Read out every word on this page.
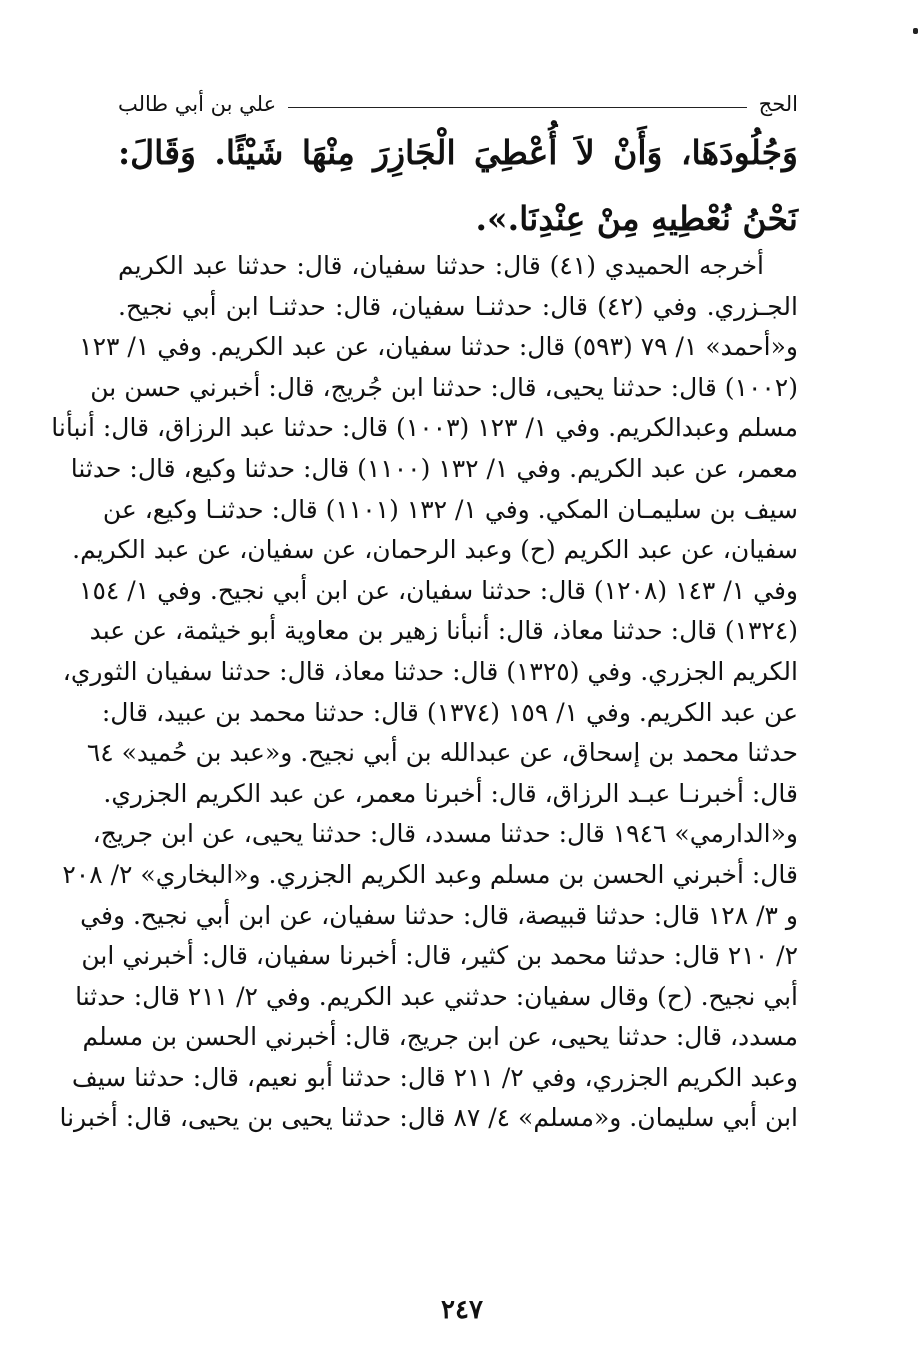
الحج
علي بن أبي طالب
وَجُلُودَهَا، وَأَنْ لاَ أُعْطِيَ الْجَازِرَ مِنْهَا شَيْئًا. وَقَالَ: نَحْنُ نُعْطِيهِ مِنْ عِنْدِنَا.».
أخرجه الحميدي (٤١) قال: حدثنا سفيان، قال: حدثنا عبد الكريم
الجـزري. وفي (٤٢) قال: حدثنـا سفيان، قال: حدثنـا ابن أبي نجيح.
و«أحمد» ١/ ٧٩ (٥٩٣) قال: حدثنا سفيان، عن عبد الكريم. وفي ١/ ١٢٣
(١٠٠٢) قال: حدثنا يحيى، قال: حدثنا ابن جُريج، قال: أخبرني حسن بن
مسلم وعبدالكريم. وفي ١/ ١٢٣ (١٠٠٣) قال: حدثنا عبد الرزاق، قال: أنبأنا
معمر، عن عبد الكريم. وفي ١/ ١٣٢ (١١٠٠) قال: حدثنا وكيع، قال: حدثنا
سيف بن سليمـان المكي. وفي ١/ ١٣٢ (١١٠١) قال: حدثنـا وكيع، عن
سفيان، عن عبد الكريم (ح) وعبد الرحمان، عن سفيان، عن عبد الكريم.
وفي ١/ ١٤٣ (١٢٠٨) قال: حدثنا سفيان، عن ابن أبي نجيح. وفي ١/ ١٥٤
(١٣٢٤) قال: حدثنا معاذ، قال: أنبأنا زهير بن معاوية أبو خيثمة، عن عبد
الكريم الجزري. وفي (١٣٢٥) قال: حدثنا معاذ، قال: حدثنا سفيان الثوري،
عن عبد الكريم. وفي ١/ ١٥٩ (١٣٧٤) قال: حدثنا محمد بن عبيد، قال:
حدثنا محمد بن إسحاق، عن عبدالله بن أبي نجيح. و«عبد بن حُميد» ٦٤
قال: أخبرنـا عبـد الرزاق، قال: أخبرنا معمر، عن عبد الكريم الجزري.
و«الدارمي» ١٩٤٦ قال: حدثنا مسدد، قال: حدثنا يحيى، عن ابن جريج،
قال: أخبرني الحسن بن مسلم وعبد الكريم الجزري. و«البخاري» ٢/ ٢٠٨
و ٣/ ١٢٨ قال: حدثنا قبيصة، قال: حدثنا سفيان، عن ابن أبي نجيح. وفي
٢/ ٢١٠ قال: حدثنا محمد بن كثير، قال: أخبرنا سفيان، قال: أخبرني ابن
أبي نجيح. (ح) وقال سفيان: حدثني عبد الكريم. وفي ٢/ ٢١١ قال: حدثنا
مسدد، قال: حدثنا يحيى، عن ابن جريج، قال: أخبرني الحسن بن مسلم
وعبد الكريم الجزري، وفي ٢/ ٢١١ قال: حدثنا أبو نعيم، قال: حدثنا سيف
ابن أبي سليمان. و«مسلم» ٤/ ٨٧ قال: حدثنا يحيى بن يحيى، قال: أخبرنا
٢٤٧
